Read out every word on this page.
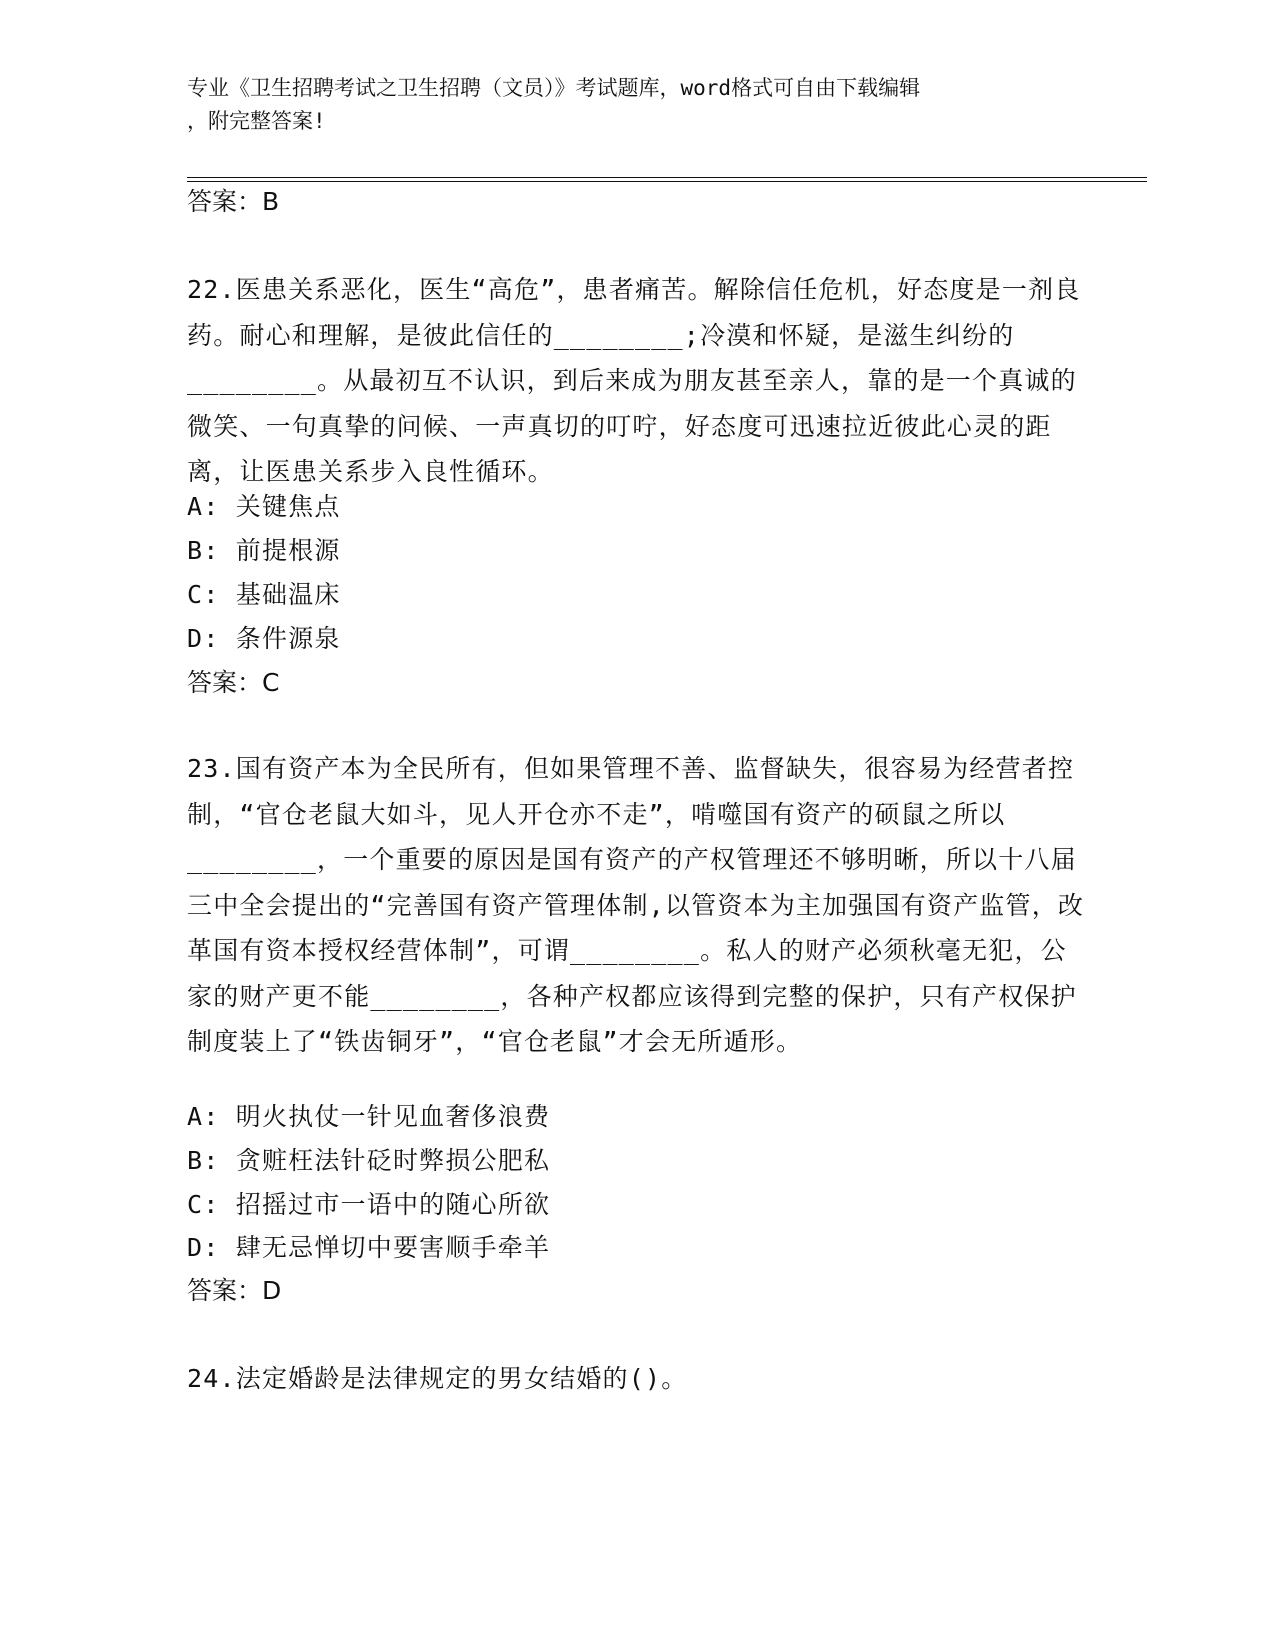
专业《卫生招聘考试之卫生招聘（文员）》考试题库，word格式可自由下载编辑
，附完整答案!
答案：B
22.医患关系恶化，医生“高危”，患者痛苦。解除信任危机，好态度是一剂良药。耐心和理解，是彼此信任的________;冷漠和怀疑，是滋生纠纷的________。从最初互不认识，到后来成为朋友甚至亲人，靠的是一个真诚的微笑、一句真挚的问候、一声真切的叮咛，好态度可迅速拉近彼此心灵的距离，让医患关系步入良性循环。
A: 关键焦点
B: 前提根源
C: 基础温床
D: 条件源泉
答案：C
23.国有资产本为全民所有，但如果管理不善、监督缺失，很容易为经营者控制，“官仓老鼠大如斗，见人开仓亦不走”，啃噬国有资产的硕鼠之所以________，一个重要的原因是国有资产的产权管理还不够明晰，所以十八届三中全会提出的“完善国有资产管理体制,以管资本为主加强国有资产监管，改革国有资本授权经营体制”，可谓________。私人的财产必须秋毫无犯，公家的财产更不能________，各种产权都应该得到完整的保护，只有产权保护制度装上了“铁齿铜牙”，“官仓老鼠”才会无所遁形。
A: 明火执仗一针见血奢侈浪费
B: 贪赃枉法针砭时弊损公肥私
C: 招摇过市一语中的随心所欲
D: 肆无忌惮切中要害顺手牵羊
答案：D
24.法定婚龄是法律规定的男女结婚的()。
